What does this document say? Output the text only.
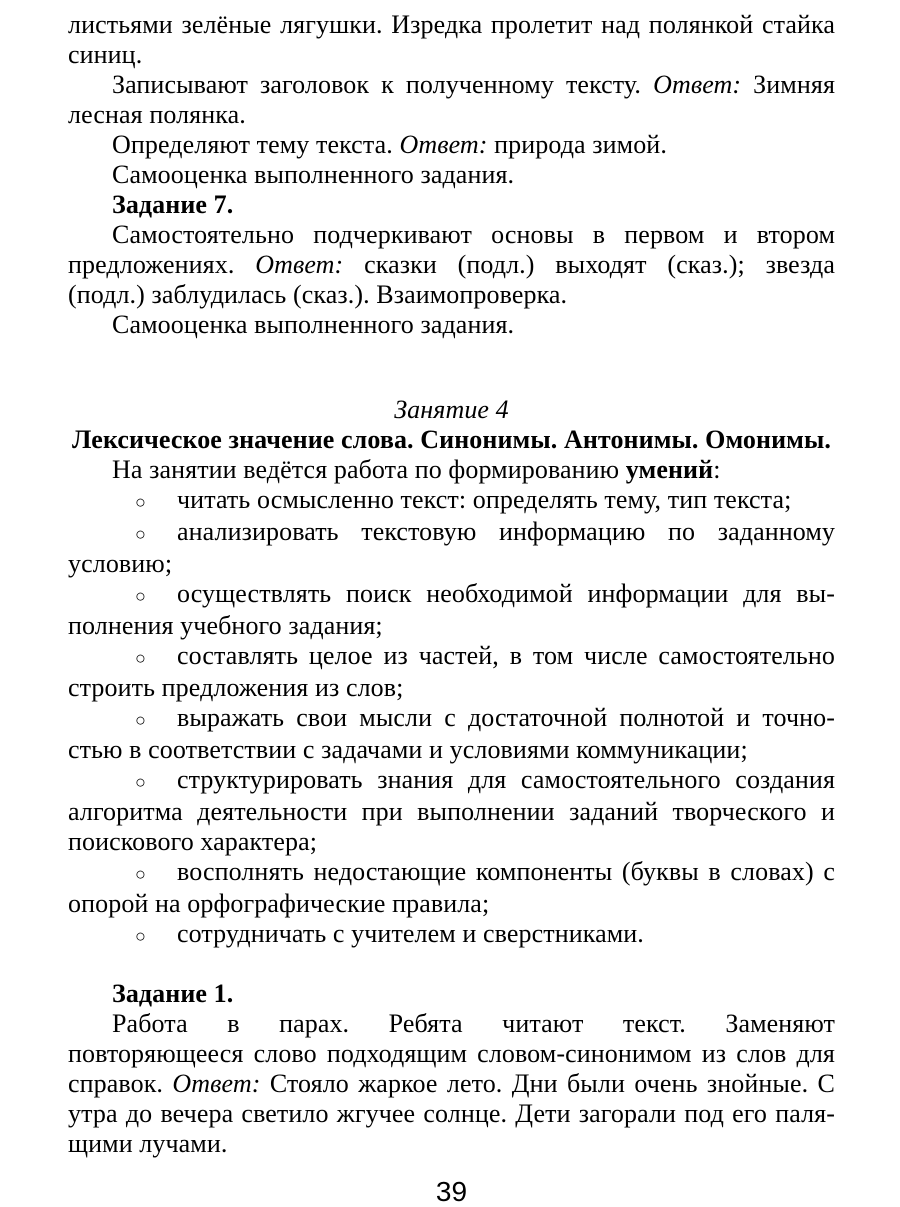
листьями зелёные лягушки. Изредка пролетит над полянкой стайка
синиц.
Записывают заголовок к полученному тексту. Ответ: Зимняя
лесная полянка.
Определяют тему текста. Ответ: природа зимой.
Самооценка выполненного задания.
Задание 7.
Самостоятельно подчеркивают основы в первом и втором
предложениях. Ответ: сказки (подл.) выходят (сказ.); звезда
(подл.) заблудилась (сказ.). Взаимопроверка.
Самооценка выполненного задания.
Занятие 4
Лексическое значение слова. Синонимы. Антонимы. Омонимы.
На занятии ведётся работа по формированию умений:
○ читать осмысленно текст: определять тему, тип текста;
○ анализировать текстовую информацию по заданному
условию;
○ осуществлять поиск необходимой информации для вы-
полнения учебного задания;
○ составлять целое из частей, в том числе самостоятельно
строить предложения из слов;
○ выражать свои мысли с достаточной полнотой и точно-
стью в соответствии с задачами и условиями коммуникации;
○ структурировать знания для самостоятельного создания
алгоритма деятельности при выполнении заданий творческого и
поискового характера;
○ восполнять недостающие компоненты (буквы в словах) с
опорой на орфографические правила;
○ сотрудничать с учителем и сверстниками.
Задание 1.
Работа в парах. Ребята читают текст. Заменяют
повторяющееся слово подходящим словом-синонимом из слов для
справок. Ответ: Стояло жаркое лето. Дни были очень знойные. С
утра до вечера светило жгучее солнце. Дети загорали под его паля-
щими лучами.
39
